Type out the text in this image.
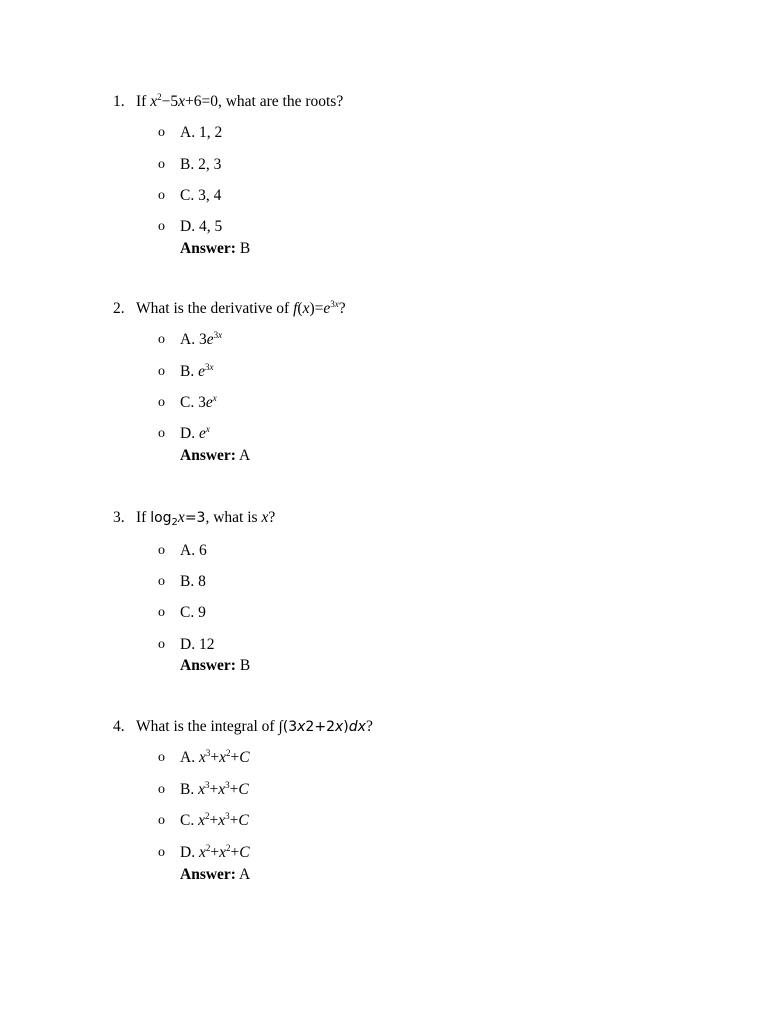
1. If $x^2-5x+6=0$, what are the roots?
o A. 1, 2
o B. 2, 3
o C. 3, 4
o D. 4, 5
Answer: B
2. What is the derivative of $f(x)=e^{3x}$?
o A. $3e^{3x}$
o B. $e^{3x}$
o C. $3e^x$
o D. $e^x$
Answer: A
3. If $\log_2x=3$, what is x?
o A. 6
o B. 8
o C. 9
o D. 12
Answer: B
4. What is the integral of ∫(3x2+2x)dx?
o A. $x^3+x^2+C$
o B. $x^3+x^3+C$
o C. $x^2+x^3+C$
o D. $x^2+x^2+C$
Answer: A
